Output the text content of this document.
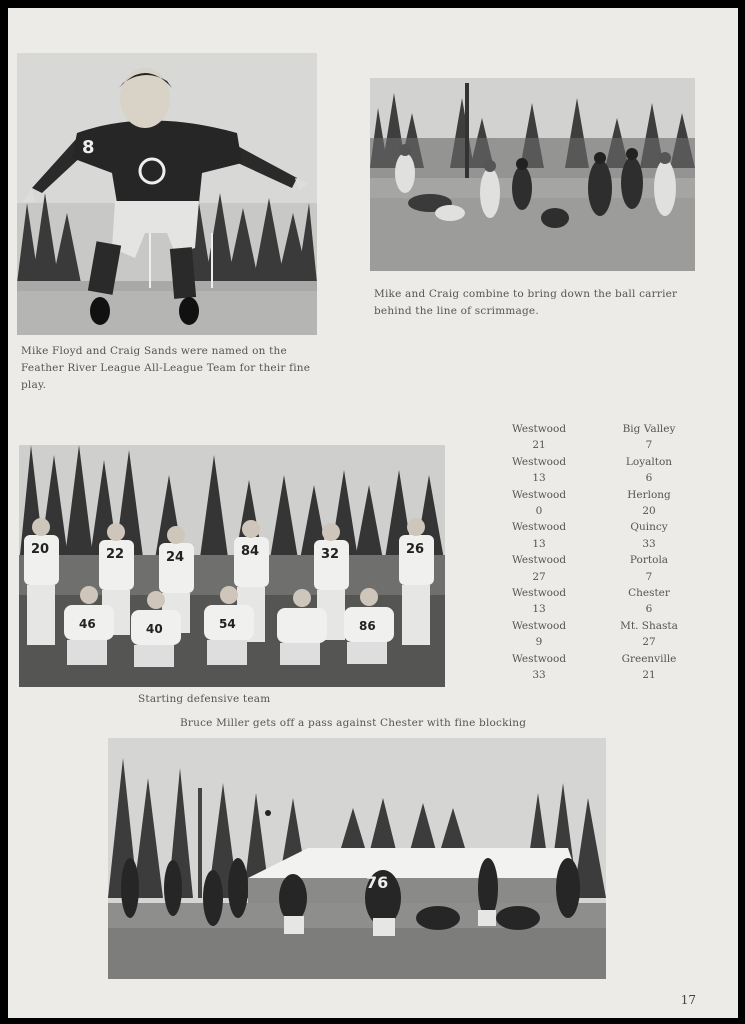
8
Mike and Craig combine to bring down the ball carrier behind the line of scrimmage.
Mike Floyd and Craig Sands were named on the Feather River League All-League Team for their fine play.
20	22	24	84	32	26
46	40	54	86
Starting defensive team
Westwood
21
Big Valley
7
Westwood
13
Loyalton
6
Westwood
0
Herlong
20
Westwood
13
Quincy
33
Westwood
27
Portola
7
Westwood
13
Chester
6
Westwood
9
Mt. Shasta
27
Westwood
33
Greenville
21
Bruce Miller gets off a pass against Chester with fine blocking
76
17
